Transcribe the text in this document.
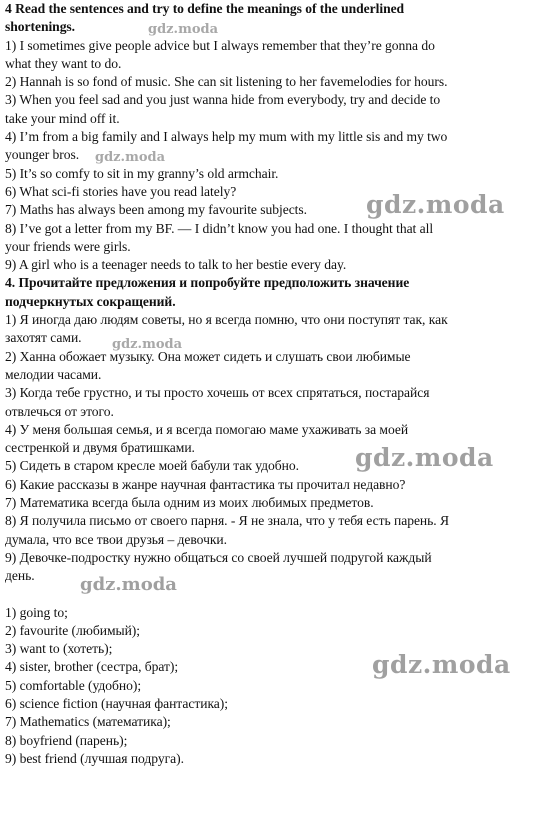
4 Read the sentences and try to define the meanings of the underlined
shortenings.
1) I sometimes give people advice but I always remember that they’re gonna do
what they want to do.
2) Hannah is so fond of music. She can sit listening to her favemelodies for hours.
3) When you feel sad and you just wanna hide from everybody, try and decide to
take your mind off it.
4) I’m from a big family and I always help my mum with my little sis and my two
younger bros.
5) It’s so comfy to sit in my granny’s old armchair.
6) What sci-fi stories have you read lately?
7) Maths has always been among my favourite subjects.
8) I’ve got a letter from my BF. — I didn’t know you had one. I thought that all
your friends were girls.
9) A girl who is a teenager needs to talk to her bestie every day.
4. Прочитайте предложения и попробуйте предположить значение
подчеркнутых сокращений.
1) Я иногда даю людям советы, но я всегда помню, что они поступят так, как
захотят сами.
2) Ханна обожает музыку. Она может сидеть и слушать свои любимые
мелодии часами.
3) Когда тебе грустно, и ты просто хочешь от всех спрятаться, постарайся
отвлечься от этого.
4) У меня большая семья, и я всегда помогаю маме ухаживать за моей
сестренкой и двумя братишками.
5) Сидеть в старом кресле моей бабули так удобно.
6) Какие рассказы в жанре научная фантастика ты прочитал недавно?
7) Математика всегда была одним из моих любимых предметов.
8) Я получила письмо от своего парня. - Я не знала, что у тебя есть парень. Я
думала, что все твои друзья – девочки.
9) Девочке-подростку нужно общаться со своей лучшей подругой каждый
день.
1) going to;
2) favourite (любимый);
3) want to (хотеть);
4) sister, brother (сестра, брат);
5) comfortable (удобно);
6) science fiction (научная фантастика);
7) Mathematics (математика);
8) boyfriend (парень);
9) best friend (лучшая подруга).
gdz.moda
gdz.moda
gdz.moda
gdz.moda
gdz.moda
gdz.moda
gdz.moda
